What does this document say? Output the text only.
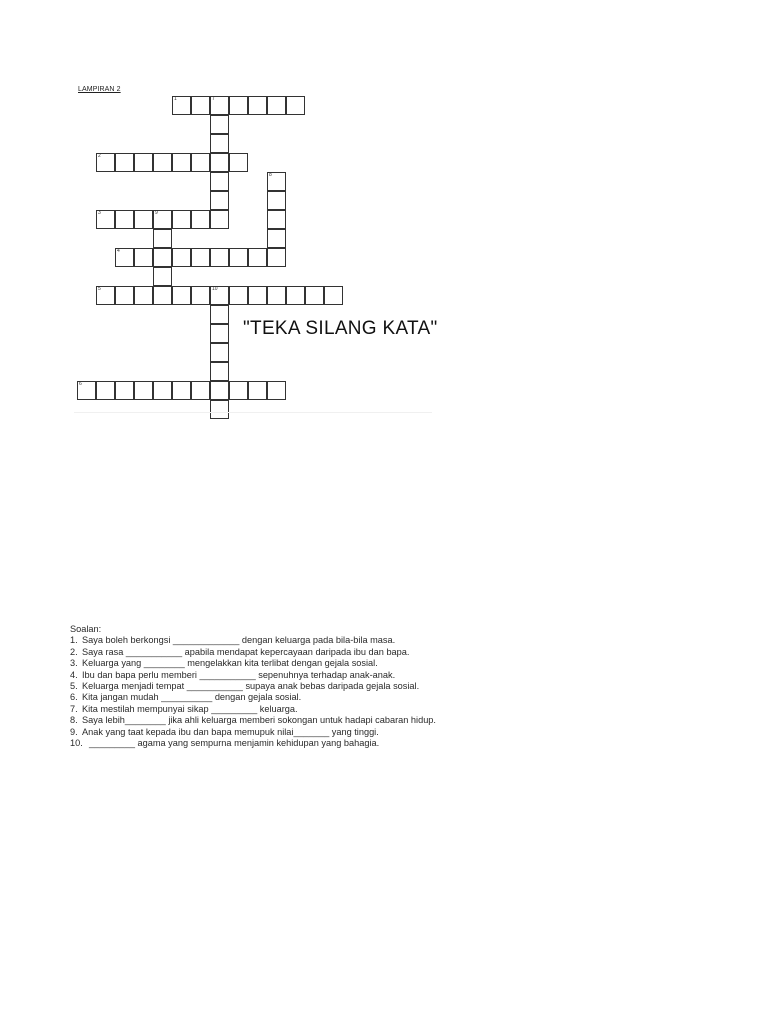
LAMPIRAN 2
1	7
2
3	9
4
5	10
6
8
"TEKA SILANG KATA"
Soalan:
1. Saya boleh berkongsi _____________ dengan keluarga pada bila-bila masa.
2. Saya rasa ___________ apabila mendapat kepercayaan daripada ibu dan bapa.
3. Keluarga yang ________ mengelakkan kita terlibat dengan gejala sosial.
4. Ibu dan bapa perlu memberi ___________ sepenuhnya terhadap anak-anak.
5. Keluarga menjadi tempat ___________ supaya anak bebas daripada gejala sosial.
6. Kita jangan mudah __________ dengan gejala sosial.
7. Kita mestilah mempunyai sikap _________ keluarga.
8. Saya lebih________ jika ahli keluarga memberi sokongan untuk hadapi cabaran hidup.
9. Anak yang taat kepada ibu dan bapa memupuk nilai_______ yang tinggi.
10. _________ agama yang sempurna menjamin kehidupan yang bahagia.
